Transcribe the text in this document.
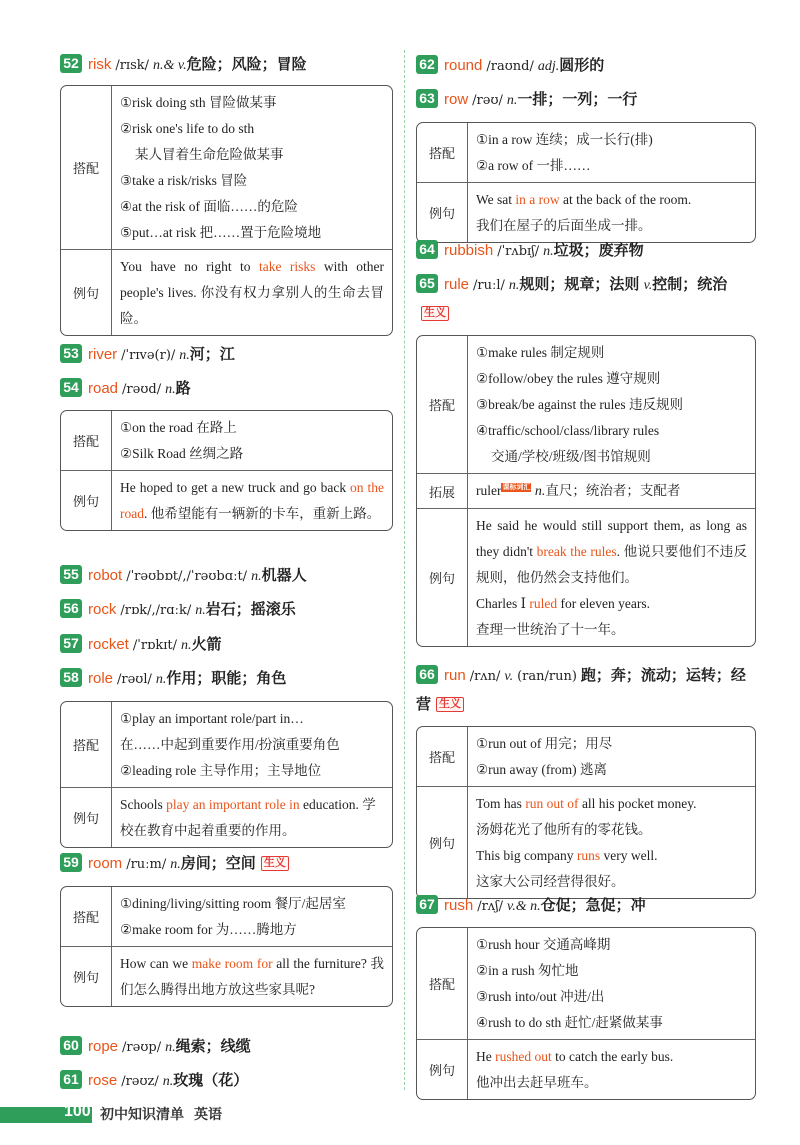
52 risk /rɪsk/ n.& v.危险；风险；冒险
搭配
①risk doing sth 冒险做某事
②risk one's life to do sth
某人冒着生命危险做某事
③take a risk/risks 冒险
④at the risk of 面临……的危险
⑤put…at risk 把……置于危险境地
例句
You have no right to take risks with other people's lives. 你没有权力拿别人的生命去冒险。
53 river /ˈrɪvə(r)/ n.河；江
54 road /rəʊd/ n.路
搭配
①on the road 在路上
②Silk Road 丝绸之路
例句
He hoped to get a new truck and go back on the road. 他希望能有一辆新的卡车，重新上路。
55 robot /ˈrəʊbɒt/,/ˈrəʊbɑːt/ n.机器人
56 rock /rɒk/,/rɑːk/ n.岩石；摇滚乐
57 rocket /ˈrɒkɪt/ n.火箭
58 role /rəʊl/ n.作用；职能；角色
搭配
①play an important role/part in…
在……中起到重要作用/扮演重要角色
②leading role 主导作用；主导地位
例句
Schools play an important role in education. 学校在教育中起着重要的作用。
59 room /ruːm/ n.房间；空间 生义
搭配
①dining/living/sitting room 餐厅/起居室
②make room for 为……腾地方
例句
How can we make room for all the furniture? 我们怎么腾得出地方放这些家具呢?
60 rope /rəʊp/ n.绳索；线缆
61 rose /rəʊz/ n.玫瑰（花）
62 round /raʊnd/ adj.圆形的
63 row /rəʊ/ n.一排；一列；一行
搭配
①in a row 连续；成一长行(排)
②a row of 一排……
例句
We sat in a row at the back of the room.
我们在屋子的后面坐成一排。
64 rubbish /ˈrʌbɪʃ/ n.垃圾；废弃物
65 rule /ruːl/ n.规则；规章；法则 v.控制；统治生义
搭配
①make rules 制定规则
②follow/obey the rules 遵守规则
③break/be against the rules 违反规则
④traffic/school/class/library rules
交通/学校/班级/图书馆规则
拓展	ruler课标词汇 n.直尺；统治者；支配者
例句
He said he would still support them, as long as they didn't break the rules. 他说只要他们不违反规则，他仍然会支持他们。
Charles Ⅰ ruled for eleven years.
查理一世统治了十一年。
66 run /rʌn/ v. (ran/run) 跑；奔；流动；运转；经营 生义
搭配
①run out of 用完；用尽
②run away (from) 逃离
例句
Tom has run out of all his pocket money.
汤姆花光了他所有的零花钱。
This big company runs very well.
这家大公司经营得很好。
67 rush /rʌʃ/ v.& n.仓促；急促；冲
搭配
①rush hour 交通高峰期
②in a rush 匆忙地
③rush into/out 冲进/出
④rush to do sth 赶忙/赶紧做某事
例句
He rushed out to catch the early bus.
他冲出去赶早班车。
100 初中知识清单 英语
